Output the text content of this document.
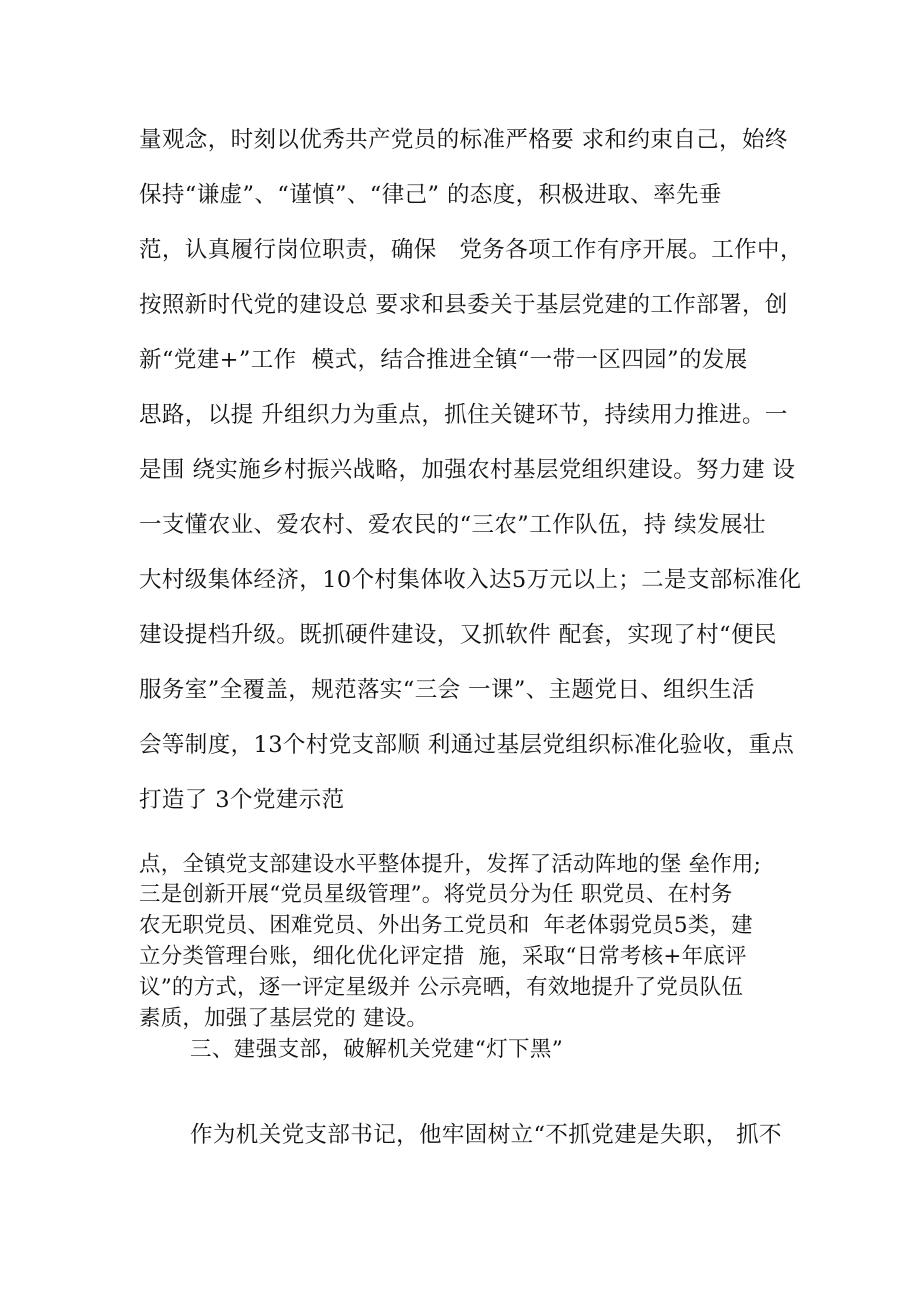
量观念，时刻以优秀共产党员的标准严格要 求和约束自己，始终
保持“谦虚”、“谨慎”、“律己” 的态度，积极进取、率先垂
范，认真履行岗位职责，确保   党务各项工作有序开展。工作中，
按照新时代党的建设总 要求和县委关于基层党建的工作部署，创
新“党建+”工作  模式，结合推进全镇“一带一区四园”的发展
思路，以提 升组织力为重点，抓住关键环节，持续用力推进。一
是围 绕实施乡村振兴战略，加强农村基层党组织建设。努力建 设
一支懂农业、爱农村、爱农民的“三农”工作队伍，持 续发展壮
大村级集体经济，10个村集体收入达5万元以上；二是支部标准化
建设提档升级。既抓硬件建设，又抓软件 配套，实现了村“便民
服务室”全覆盖，规范落实“三会 一课”、主题党日、组织生活
会等制度，13个村党支部顺 利通过基层党组织标准化验收，重点
打造了 3个党建示范
点，全镇党支部建设水平整体提升，发挥了活动阵地的堡 垒作用;
三是创新开展“党员星级管理”。将党员分为任 职党员、在村务
农无职党员、困难党员、外出务工党员和  年老体弱党员5类，建
立分类管理台账，细化优化评定措  施，采取“日常考核+年底评
议”的方式，逐一评定星级并 公示亮晒，有效地提升了党员队伍
素质，加强了基层党的 建设。
三、建强支部，破解机关党建“灯下黑”
作为机关党支部书记，他牢固树立“不抓党建是失职， 抓不
